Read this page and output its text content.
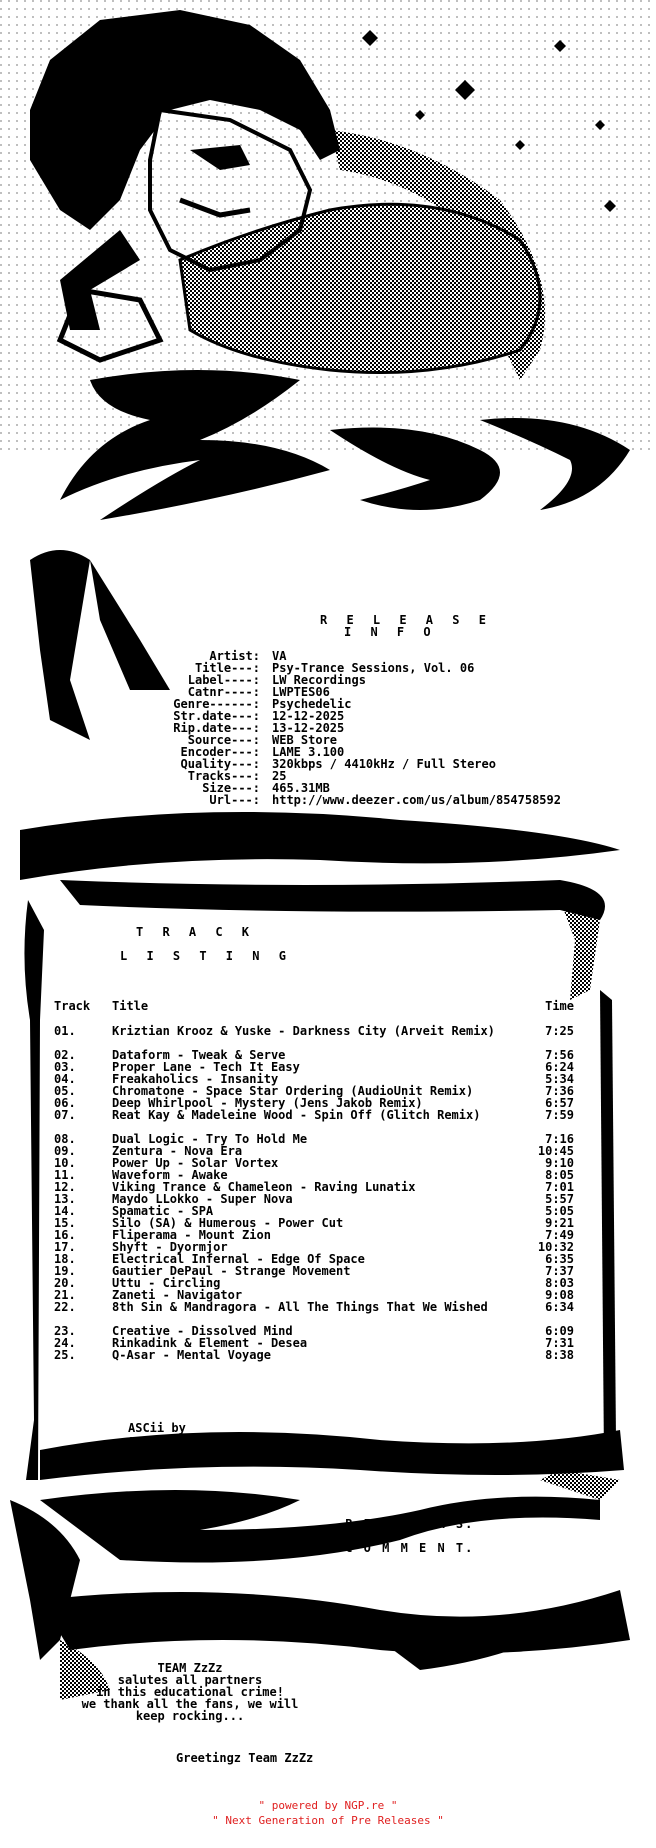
R E L E A S E
I N F O
Artist: VA
Title---: Psy-Trance Sessions, Vol. 06
Label----: LW Recordings
Catnr----: LWPTES06
Genre------: Psychedelic
Str.date---: 12-12-2025
Rip.date---: 13-12-2025
Source---: WEB Store
Encoder---: LAME 3.100
Quality---: 320kbps / 4410kHz / Full Stereo
Tracks---: 25
Size---: 465.31MB
Url---: http://www.deezer.com/us/album/854758592
T R A C K
L I S T I N G
Track Title	Time
01.	Kriztian Krooz & Yuske - Darkness City (Arveit Remix)	7:25
02.	Dataform - Tweak & Serve	7:56
03.	Proper Lane - Tech It Easy	6:24
04.	Freakaholics - Insanity	5:34
05.	Chromatone - Space Star Ordering (AudioUnit Remix)	7:36
06.	Deep Whirlpool - Mystery (Jens Jakob Remix)	6:57
07.	Reat Kay & Madeleine Wood - Spin Off (Glitch Remix)	7:59
08.	Dual Logic - Try To Hold Me	7:16
09.	Zentura - Nova Era	10:45
10.	Power Up - Solar Vortex	9:10
11.	Waveform - Awake	8:05
12.	Viking Trance & Chameleon - Raving Lunatix	7:01
13.	Maydo LLokko - Super Nova	5:57
14.	Spamatic - SPA	5:05
15.	Silo (SA) & Humerous - Power Cut	9:21
16.	Fliperama - Mount Zion	7:49
17.	Shyft - Dyormjor	10:32
18.	Electrical Infernal - Edge Of Space	6:35
19.	Gautier DePaul - Strange Movement	7:37
20.	Uttu - Circling	8:03
21.	Zaneti - Navigator	9:08
22.	8th Sin & Mandragora - All The Things That We Wished	6:34
23.	Creative - Dissolved Mind	6:09
24.	Rinkadink & Element - Desea	7:31
25.	Q-Asar - Mental Voyage	8:38
ASCii by
gonz_ZzZz
.R I P P E R S.
.C O M M E N T.
TEAM ZzZz
salutes all partners
in this educational crime!
we thank all the fans, we will
keep rocking...
Greetingz Team ZzZz
" powered by NGP.re "
" Next Generation of Pre Releases "
